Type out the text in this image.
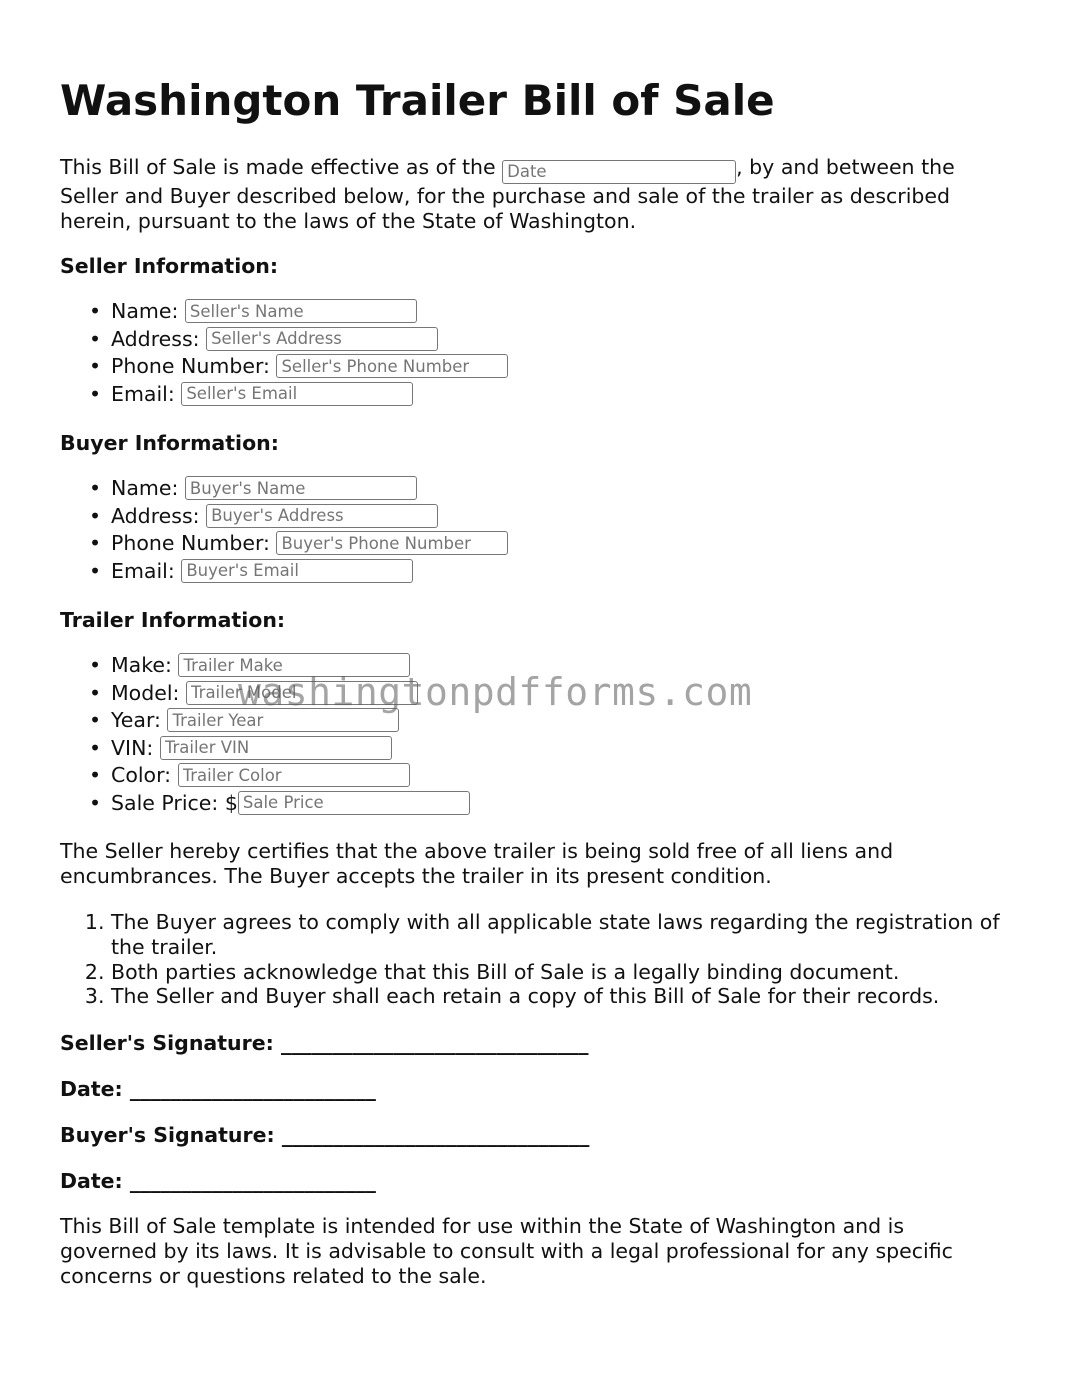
Washington Trailer Bill of Sale

This Bill of Sale is made effective as of the Date	, by and between the Seller and Buyer described below, for the purchase and sale of the trailer as described herein, pursuant to the laws of the State of Washington.

Seller Information:
• Name: Seller's Name
• Address: Seller's Address
• Phone Number: Seller's Phone Number
• Email: Seller's Email
Buyer Information:
• Name: Buyer's Name
• Address: Buyer's Address
• Phone Number: Buyer's Phone Number
• Email: Buyer's Email
Trailer Information:
• Make: Trailer Make
• Model: Trailer Model
• Year: Trailer Year
• VIN: Trailer VIN
• Color: Trailer Color
• Sale Price: $Sale Price

The Seller hereby certifies that the above trailer is being sold free of all liens and encumbrances. The Buyer accepts the trailer in its present condition.

1. The Buyer agrees to comply with all applicable state laws regarding the registration of the trailer.
2. Both parties acknowledge that this Bill of Sale is a legally binding document.
3. The Seller and Buyer shall each retain a copy of this Bill of Sale for their records.
Seller's Signature: ______________________________
Date: ________________________
Buyer's Signature: ______________________________
Date: ________________________

This Bill of Sale template is intended for use within the State of Washington and is governed by its laws. It is advisable to consult with a legal professional for any specific concerns or questions related to the sale.

washingtonpdfforms.com
